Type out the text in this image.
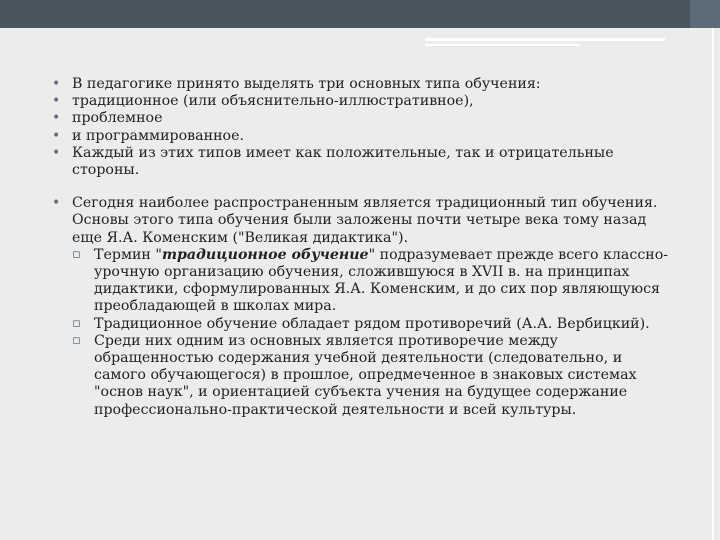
• В педагогике принято выделять три основных типа обучения:
• традиционное (или объяснительно-иллюстративное),
• проблемное
• и программированное.
• Каждый из этих типов имеет как положительные, так и отрицательные стороны.
• Сегодня наиболее распространенным является традиционный тип обучения. Основы этого типа обучения были заложены почти четыре века тому назад еще Я.А. Коменским ("Великая дидактика").
▫ Термин "традиционное обучение" подразумевает прежде всего классно-урочную организацию обучения, сложившуюся в XVII в. на принципах дидактики, сформулированных Я.А. Коменским, и до сих пор являющуюся преобладающей в школах мира.
▫ Традиционное обучение обладает рядом противоречий (А.А. Вербицкий).
▫ Среди них одним из основных является противоречие между обращенностью содержания учебной деятельности (следовательно, и самого обучающегося) в прошлое, опредмеченное в знаковых системах "основ наук", и ориентацией субъекта учения на будущее содержание профессионально-практической деятельности и всей культуры.
